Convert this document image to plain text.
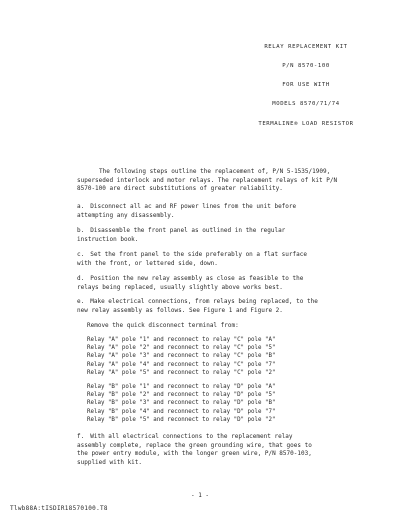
RELAY REPLACEMENT KIT
P/N 8570-100
FOR USE WITH
MODELS 8570/71/74
TERMALINE® LOAD RESISTOR
The following steps outline the replacement of, P/N 5-1535/1909,
superseded interlock and motor relays. The replacement relays of kit P/N
8570-100 are direct substitutions of greater reliability.
a. Disconnect all ac and RF power lines from the unit before
attempting any disassembly.
b. Disassemble the front panel as outlined in the regular
instruction book.
c. Set the front panel to the side preferably on a flat surface
with the front, or lettered side, down.
d. Position the new relay assembly as close as feasible to the
relays being replaced, usually slightly above works best.
e. Make electrical connections, from relays being replaced, to the
new relay assembly as follows. See Figure 1 and Figure 2.
Remove the quick disconnect terminal from:
Relay "A" pole "1" and reconnect to relay "C" pole "A"
Relay "A" pole "2" and reconnect to relay "C" pole "5"
Relay "A" pole "3" and reconnect to relay "C" pole "B"
Relay "A" pole "4" and reconnect to relay "C" pole "7"
Relay "A" pole "5" and reconnect to relay "C" pole "2"
Relay "B" pole "1" and reconnect to relay "D" pole "A"
Relay "B" pole "2" and reconnect to relay "D" pole "5"
Relay "B" pole "3" and reconnect to relay "D" pole "B"
Relay "B" pole "4" and reconnect to relay "D" pole "7"
Relay "B" pole "5" and reconnect to relay "D" pole "2"
f. With all electrical connections to the replacement relay
assembly complete, replace the green grounding wire, that goes to
the power entry module, with the longer green wire, P/N 8570-103,
supplied with kit.
- 1 -
Tlwb88A:tISDIR18570100.T8
